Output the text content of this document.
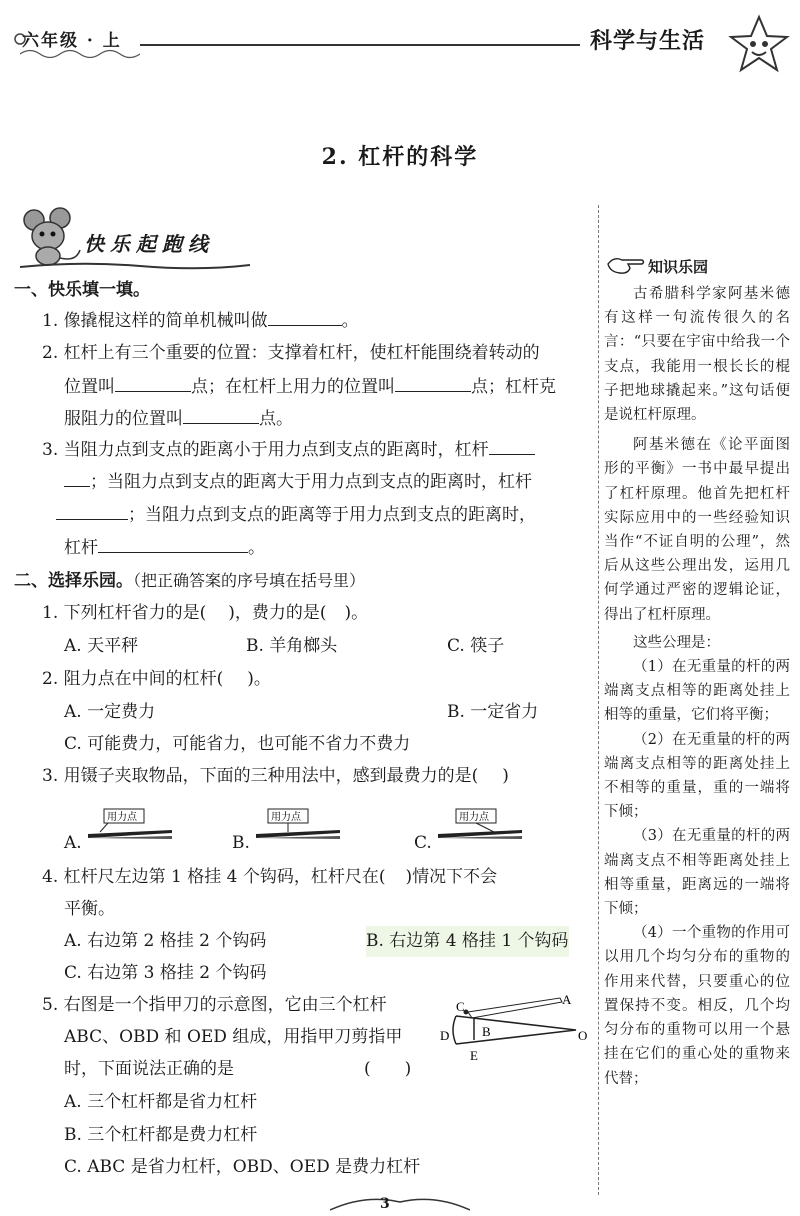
六年级 · 上	科学与生活
2. 杠杆的科学
快乐起跑线
一、快乐填一填。
1. 像撬棍这样的简单机械叫做	。
2. 杠杆上有三个重要的位置：支撑着杠杆，使杠杆能围绕着转动的
位置叫	点；在杠杆上用力的位置叫	点；杠杆克
服阻力的位置叫	点。
3. 当阻力点到支点的距离小于用力点到支点的距离时，杠杆
；当阻力点到支点的距离大于用力点到支点的距离时，杠杆
；当阻力点到支点的距离等于用力点到支点的距离时，
杠杆	。
二、选择乐园。（把正确答案的序号填在括号里）
1. 下列杠杆省力的是( )，费力的是( )。
A. 天平秤	B. 羊角榔头	C. 筷子
2. 阻力点在中间的杠杆( )。
A. 一定费力	B. 一定省力
C. 可能费力，可能省力，也可能不省力不费力
3. 用镊子夹取物品，下面的三种用法中，感到最费力的是( )
A.
用力点
B.
用力点
C.
用力点
4. 杠杆尺左边第 1 格挂 4 个钩码，杠杆尺在( )情况下不会
平衡。
A. 右边第 2 格挂 2 个钩码	B. 右边第 4 格挂 1 个钩码
C. 右边第 3 格挂 2 个钩码
5. 右图是一个指甲刀的示意图，它由三个杠杆
ABC、OBD 和 OED 组成，用指甲刀剪指甲
时，下面说法正确的是	(　　)
A. 三个杠杆都是省力杠杆
B. 三个杠杆都是费力杠杆
C. ABC 是省力杠杆，OBD、OED 是费力杠杆
C	A
B
D
E
O
知识乐园

古希腊科学家阿基米德有这样一句流传很久的名言：“只要在宇宙中给我一个支点，我能用一根长长的棍子把地球撬起来。”这句话便是说杠杆原理。

阿基米德在《论平面图形的平衡》一书中最早提出了杠杆原理。他首先把杠杆实际应用中的一些经验知识当作“不证自明的公理”，然后从这些公理出发，运用几何学通过严密的逻辑论证，得出了杠杆原理。

这些公理是：

（1）在无重量的杆的两端离支点相等的距离处挂上相等的重量，它们将平衡；

（2）在无重量的杆的两端离支点相等的距离处挂上不相等的重量，重的一端将下倾；

（3）在无重量的杆的两端离支点不相等距离处挂上相等重量，距离远的一端将下倾；

（4）一个重物的作用可以用几个均匀分布的重物的作用来代替，只要重心的位置保持不变。相反，几个均匀分布的重物可以用一个悬挂在它们的重心处的重物来代替；

3
